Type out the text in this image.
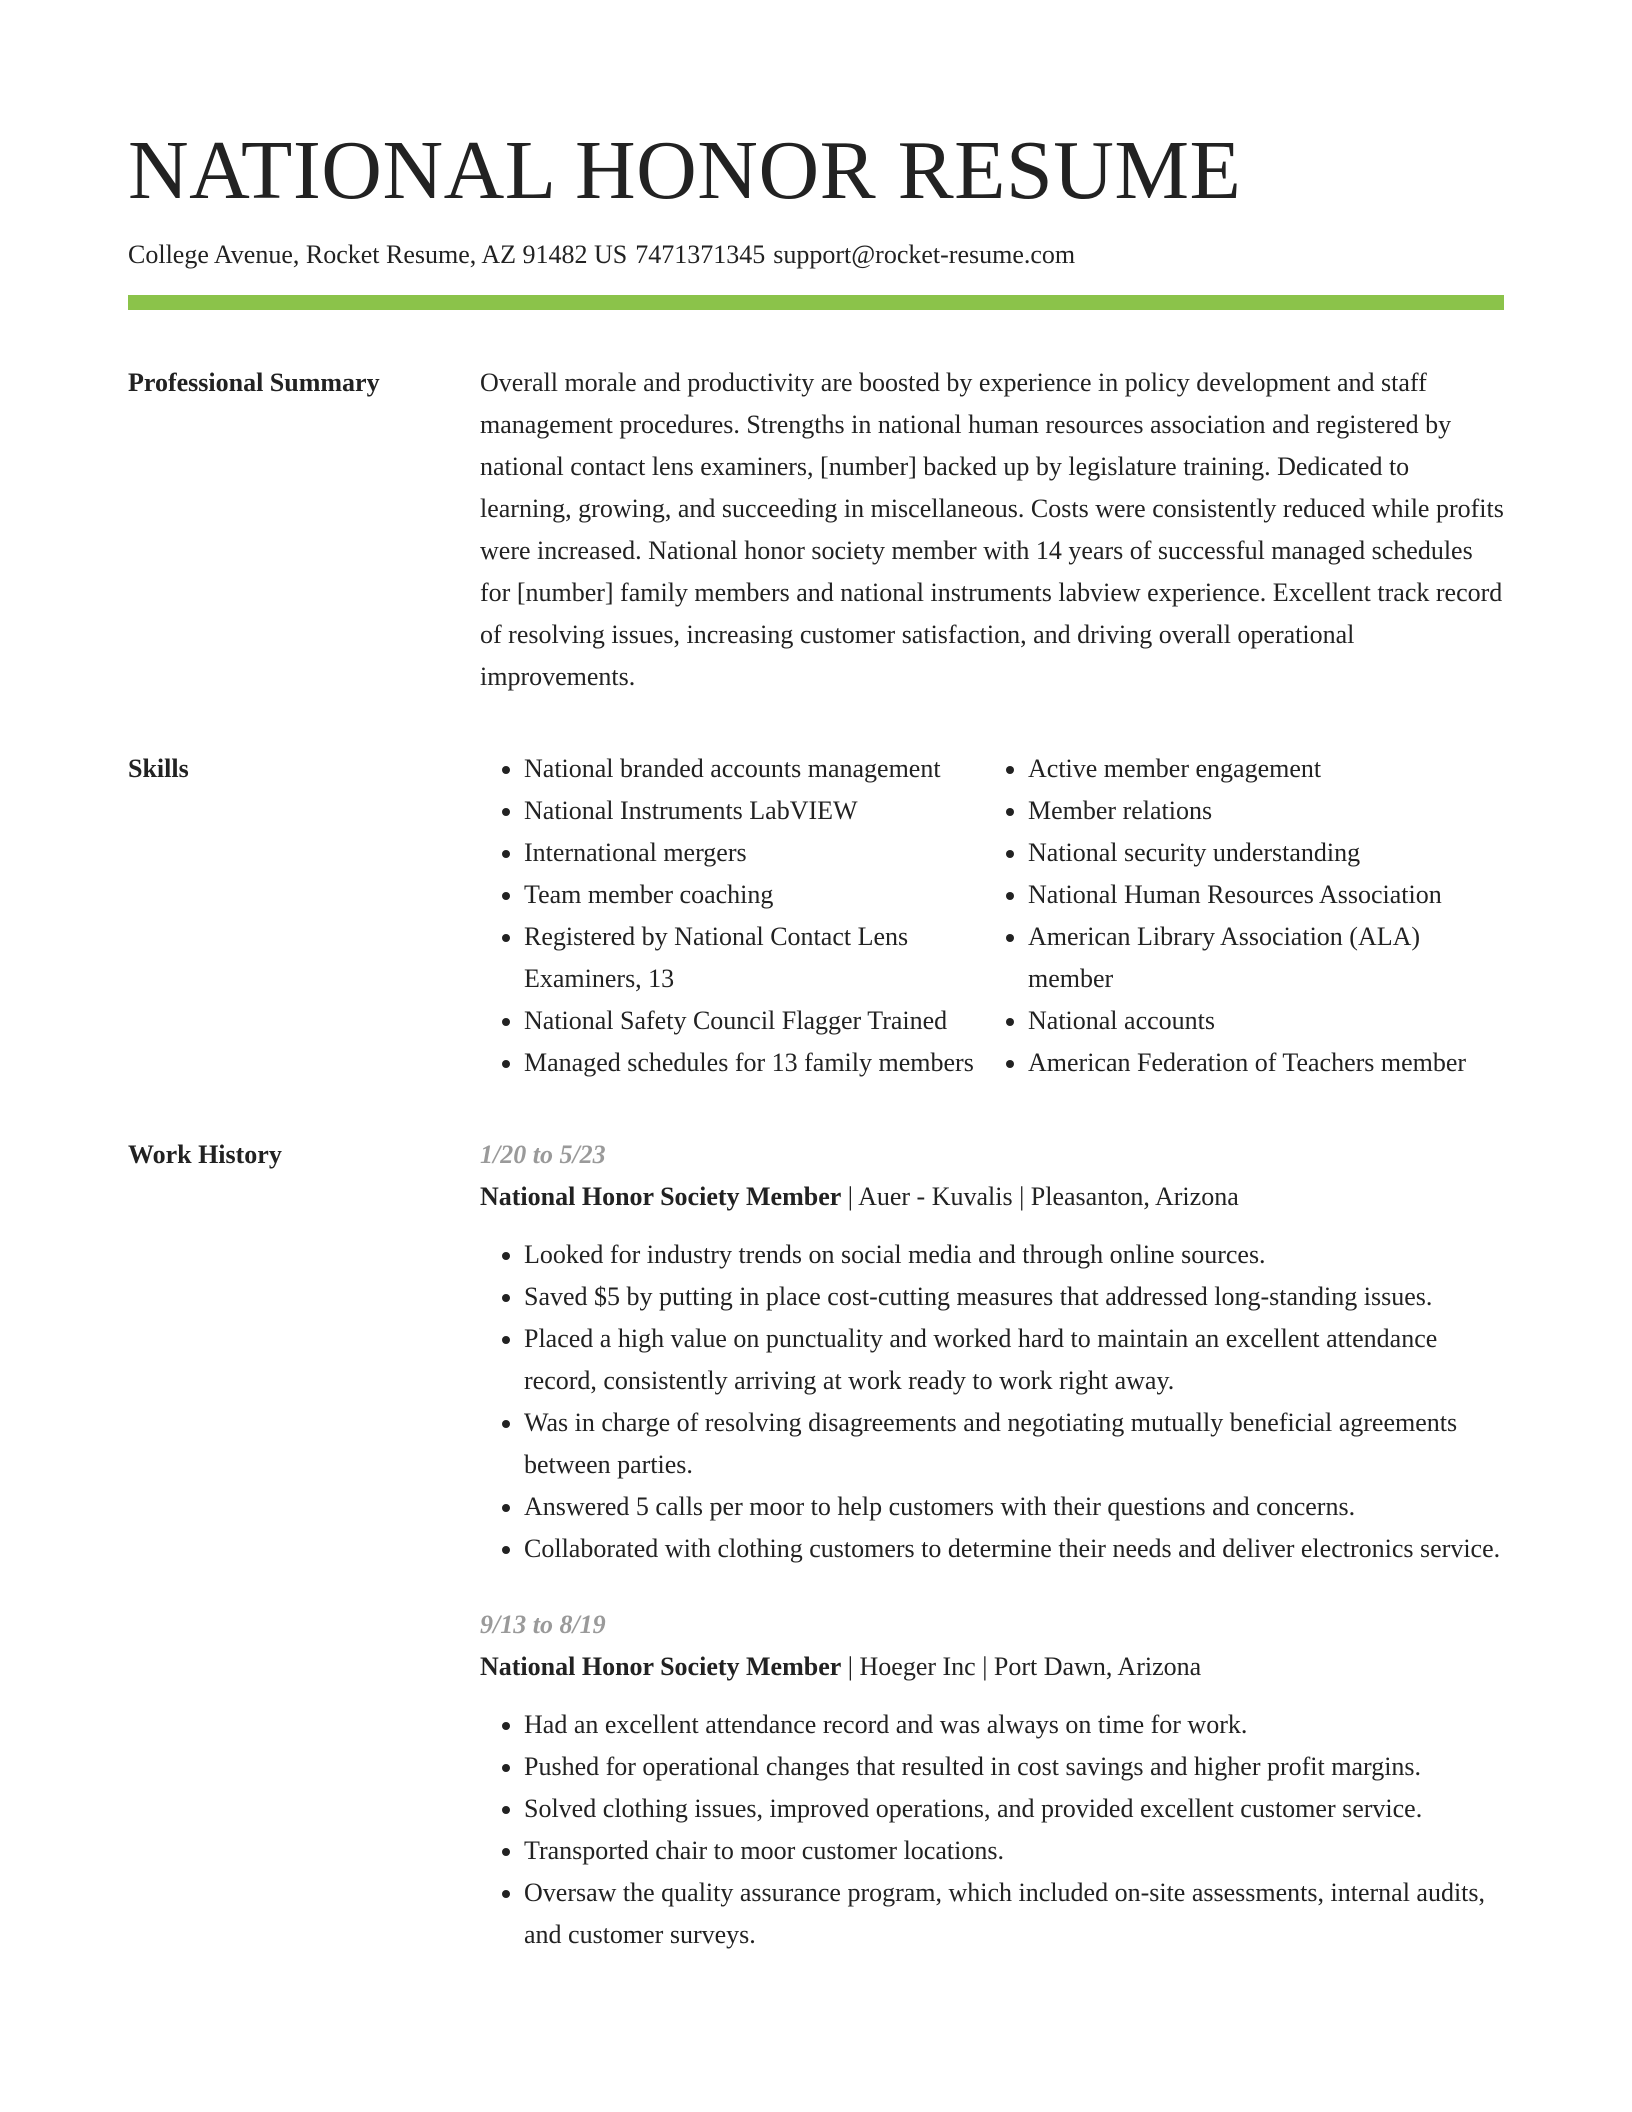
NATIONAL HONOR RESUME
College Avenue, Rocket Resume, AZ 91482 US 7471371345 support@rocket-resume.com
Professional Summary	Overall morale and productivity are boosted by experience in policy development and staff management procedures. Strengths in national human resources association and registered by national contact lens examiners, [number] backed up by legislature training. Dedicated to learning, growing, and succeeding in miscellaneous. Costs were consistently reduced while profits were increased. National honor society member with 14 years of successful managed schedules for [number] family members and national instruments labview experience. Excellent track record of resolving issues, increasing customer satisfaction, and driving overall operational improvements.

Skills
•	National branded accounts management
• National Instruments LabVIEW
• International mergers
• Team member coaching
• Registered by National Contact Lens Examiners, 13
• National Safety Council Flagger Trained
• Managed schedules for 13 family members
• Active member engagement
• Member relations
• National security understanding
• National Human Resources Association
• American Library Association (ALA) member
• National accounts
• American Federation of Teachers member
Work History	1/20 to 5/23
National Honor Society Member | Auer - Kuvalis | Pleasanton, Arizona
• Looked for industry trends on social media and through online sources.
• Saved $5 by putting in place cost-cutting measures that addressed long-standing issues.
• Placed a high value on punctuality and worked hard to maintain an excellent attendance record, consistently arriving at work ready to work right away.
• Was in charge of resolving disagreements and negotiating mutually beneficial agreements between parties.
• Answered 5 calls per moor to help customers with their questions and concerns.
• Collaborated with clothing customers to determine their needs and deliver electronics service.
9/13 to 8/19
National Honor Society Member | Hoeger Inc | Port Dawn, Arizona
• Had an excellent attendance record and was always on time for work.
• Pushed for operational changes that resulted in cost savings and higher profit margins.
• Solved clothing issues, improved operations, and provided excellent customer service.
• Transported chair to moor customer locations.
• Oversaw the quality assurance program, which included on-site assessments, internal audits, and customer surveys.
